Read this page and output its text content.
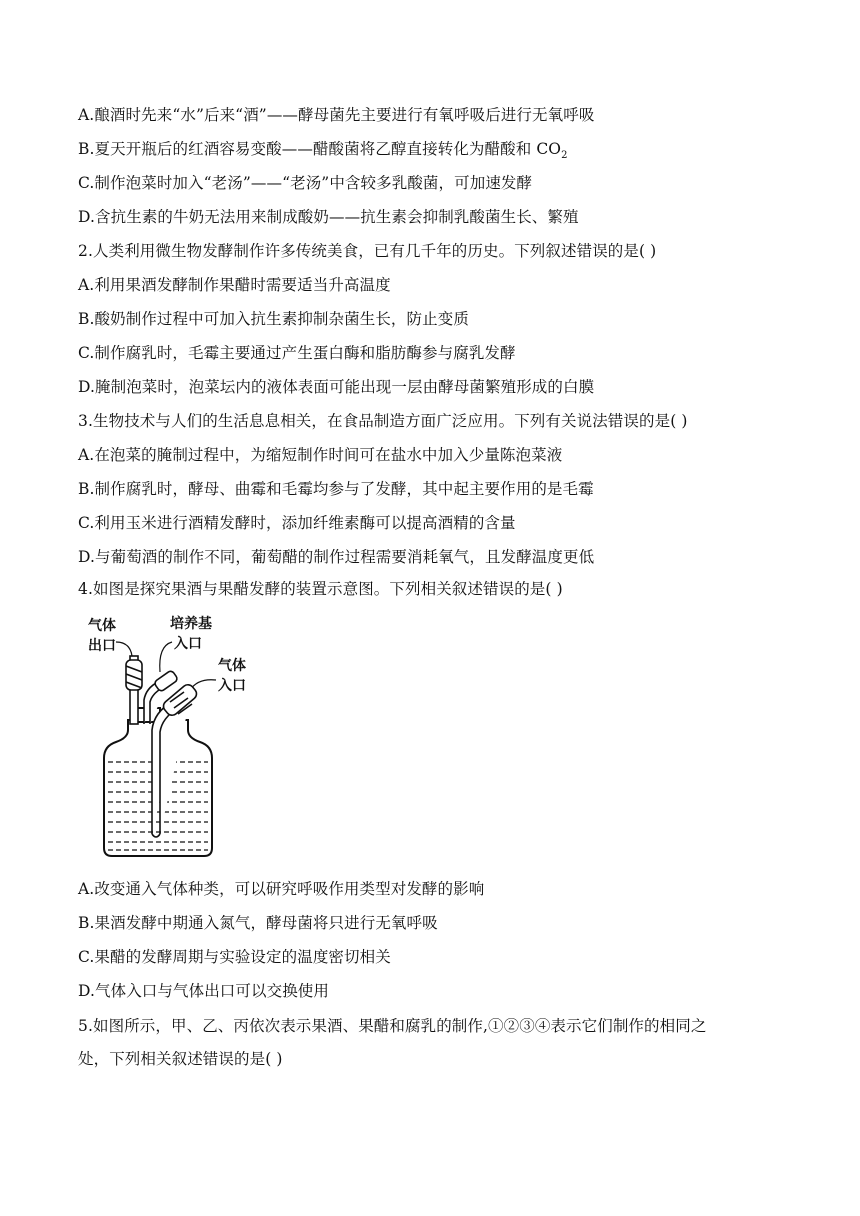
A.酿酒时先来“水”后来“酒”——酵母菌先主要进行有氧呼吸后进行无氧呼吸
B.夏天开瓶后的红酒容易变酸——醋酸菌将乙醇直接转化为醋酸和 $CO_2$
C.制作泡菜时加入“老汤”——“老汤”中含较多乳酸菌，可加速发酵
D.含抗生素的牛奶无法用来制成酸奶——抗生素会抑制乳酸菌生长、繁殖
2.人类利用微生物发酵制作许多传统美食，已有几千年的历史。下列叙述错误的是( )
A.利用果酒发酵制作果醋时需要适当升高温度
B.酸奶制作过程中可加入抗生素抑制杂菌生长，防止变质
C.制作腐乳时，毛霉主要通过产生蛋白酶和脂肪酶参与腐乳发酵
D.腌制泡菜时，泡菜坛内的液体表面可能出现一层由酵母菌繁殖形成的白膜
3.生物技术与人们的生活息息相关，在食品制造方面广泛应用。下列有关说法错误的是( )
A.在泡菜的腌制过程中，为缩短制作时间可在盐水中加入少量陈泡菜液
B.制作腐乳时，酵母、曲霉和毛霉均参与了发酵，其中起主要作用的是毛霉
C.利用玉米进行酒精发酵时，添加纤维素酶可以提高酒精的含量
D.与葡萄酒的制作不同，葡萄醋的制作过程需要消耗氧气，且发酵温度更低
4.如图是探究果酒与果醋发酵的装置示意图。下列相关叙述错误的是( )
气体
出口
培养基
入口
气体
入口
A.改变通入气体种类，可以研究呼吸作用类型对发酵的影响
B.果酒发酵中期通入氮气，酵母菌将只进行无氧呼吸
C.果醋的发酵周期与实验设定的温度密切相关
D.气体入口与气体出口可以交换使用
5.如图所示，甲、乙、丙依次表示果酒、果醋和腐乳的制作,①②③④表示它们制作的相同之
处，下列相关叙述错误的是( )
